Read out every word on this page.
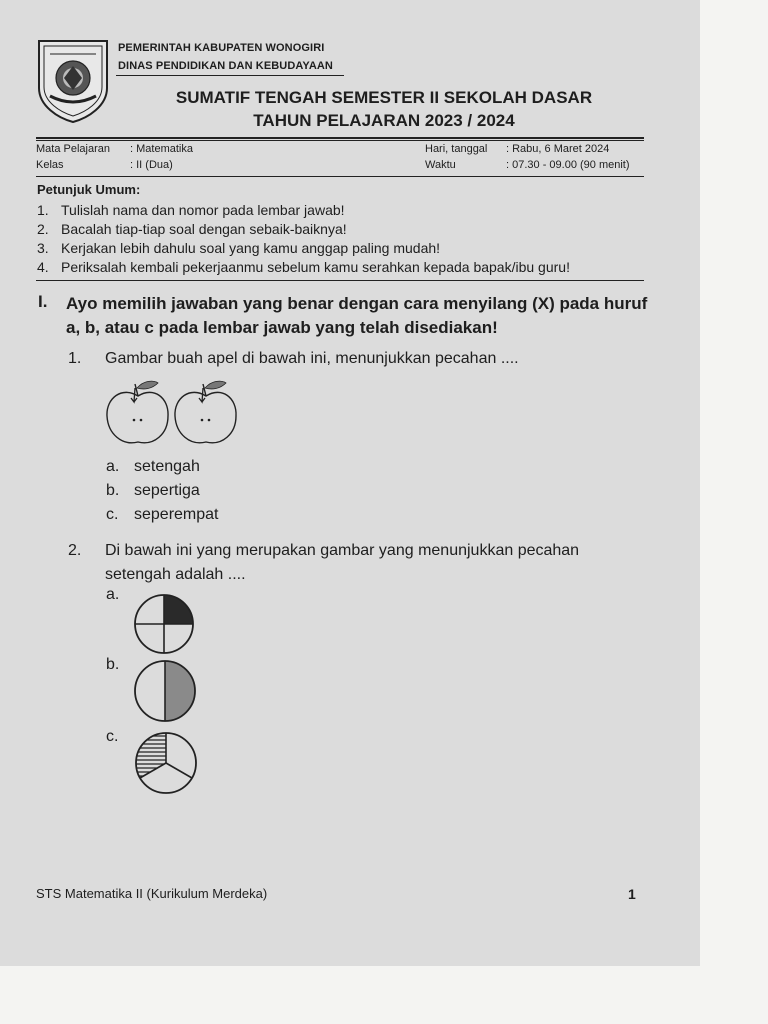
PEMERINTAH KABUPATEN WONOGIRI
DINAS PENDIDIKAN DAN KEBUDAYAAN
SUMATIF TENGAH SEMESTER II SEKOLAH DASAR
TAHUN PELAJARAN 2023 / 2024
Mata Pelajaran : Matematika
Kelas	: II (Dua)
Hari, tanggal : Rabu, 6 Maret 2024
Waktu	: 07.30 - 09.00 (90 menit)
Petunjuk Umum:
1. Tulislah nama dan nomor pada lembar jawab!
2. Bacalah tiap-tiap soal dengan sebaik-baiknya!
3. Kerjakan lebih dahulu soal yang kamu anggap paling mudah!
4. Periksalah kembali pekerjaanmu sebelum kamu serahkan kepada bapak/ibu guru!
I. Ayo memilih jawaban yang benar dengan cara menyilang (X) pada huruf a, b, atau c pada lembar jawab yang telah disediakan!
1. Gambar buah apel di bawah ini, menunjukkan pecahan ....
a. setengah
b. sepertiga
c. seperempat
2. Di bawah ini yang merupakan gambar yang menunjukkan pecahan
setengah adalah ....
a.
b.
c.
STS Matematika II (Kurikulum Merdeka)	1
